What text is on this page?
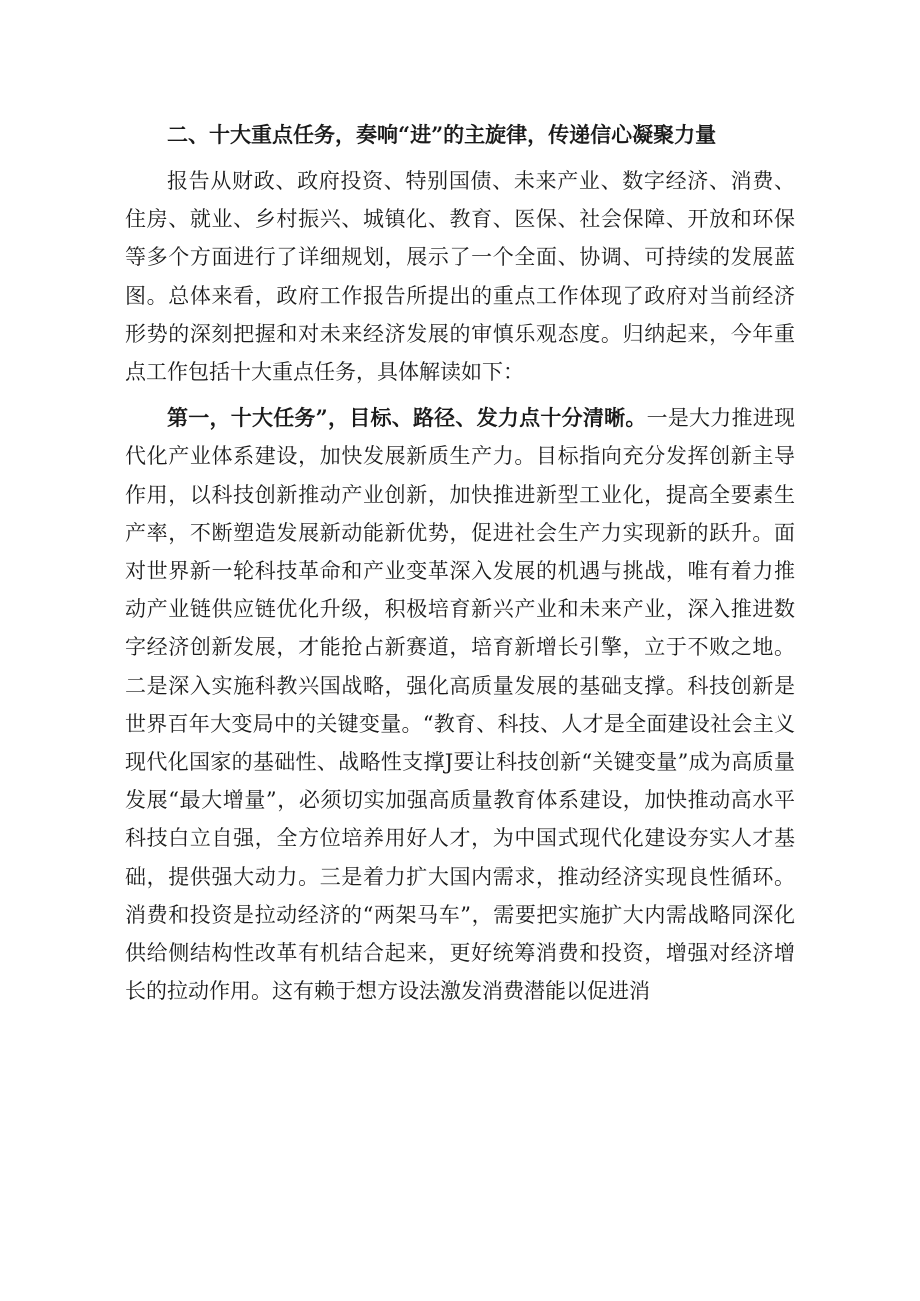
二、十大重点任务，奏响“进”的主旋律，传递信心凝聚力量

报告从财政、政府投资、特别国债、未来产业、数字经济、消费、住房、就业、乡村振兴、城镇化、教育、医保、社会保障、开放和环保等多个方面进行了详细规划，展示了一个全面、协调、可持续的发展蓝图。总体来看，政府工作报告所提出的重点工作体现了政府对当前经济形势的深刻把握和对未来经济发展的审慎乐观态度。归纳起来，今年重点工作包括十大重点任务，具体解读如下：

第一，十大任务”，目标、路径、发力点十分清晰。一是大力推进现代化产业体系建设，加快发展新质生产力。目标指向充分发挥创新主导作用，以科技创新推动产业创新，加快推进新型工业化，提高全要素生产率，不断塑造发展新动能新优势，促进社会生产力实现新的跃升。面对世界新一轮科技革命和产业变革深入发展的机遇与挑战，唯有着力推动产业链供应链优化升级，积极培育新兴产业和未来产业，深入推进数字经济创新发展，才能抢占新赛道，培育新增长引擎，立于不败之地。二是深入实施科教兴国战略，强化高质量发展的基础支撑。科技创新是世界百年大变局中的关键变量。“教育、科技、人才是全面建设社会主义现代化国家的基础性、战略性支撑J要让科技创新“关键变量”成为高质量发展“最大增量”，必须切实加强高质量教育体系建设，加快推动高水平科技白立自强，全方位培养用好人才，为中国式现代化建设夯实人才基础，提供强大动力。三是着力扩大国内需求，推动经济实现良性循环。消费和投资是拉动经济的“两架马车”，需要把实施扩大内需战略同深化供给侧结构性改革有机结合起来，更好统筹消费和投资，增强对经济增长的拉动作用。这有赖于想方设法激发消费潜能以促进消
